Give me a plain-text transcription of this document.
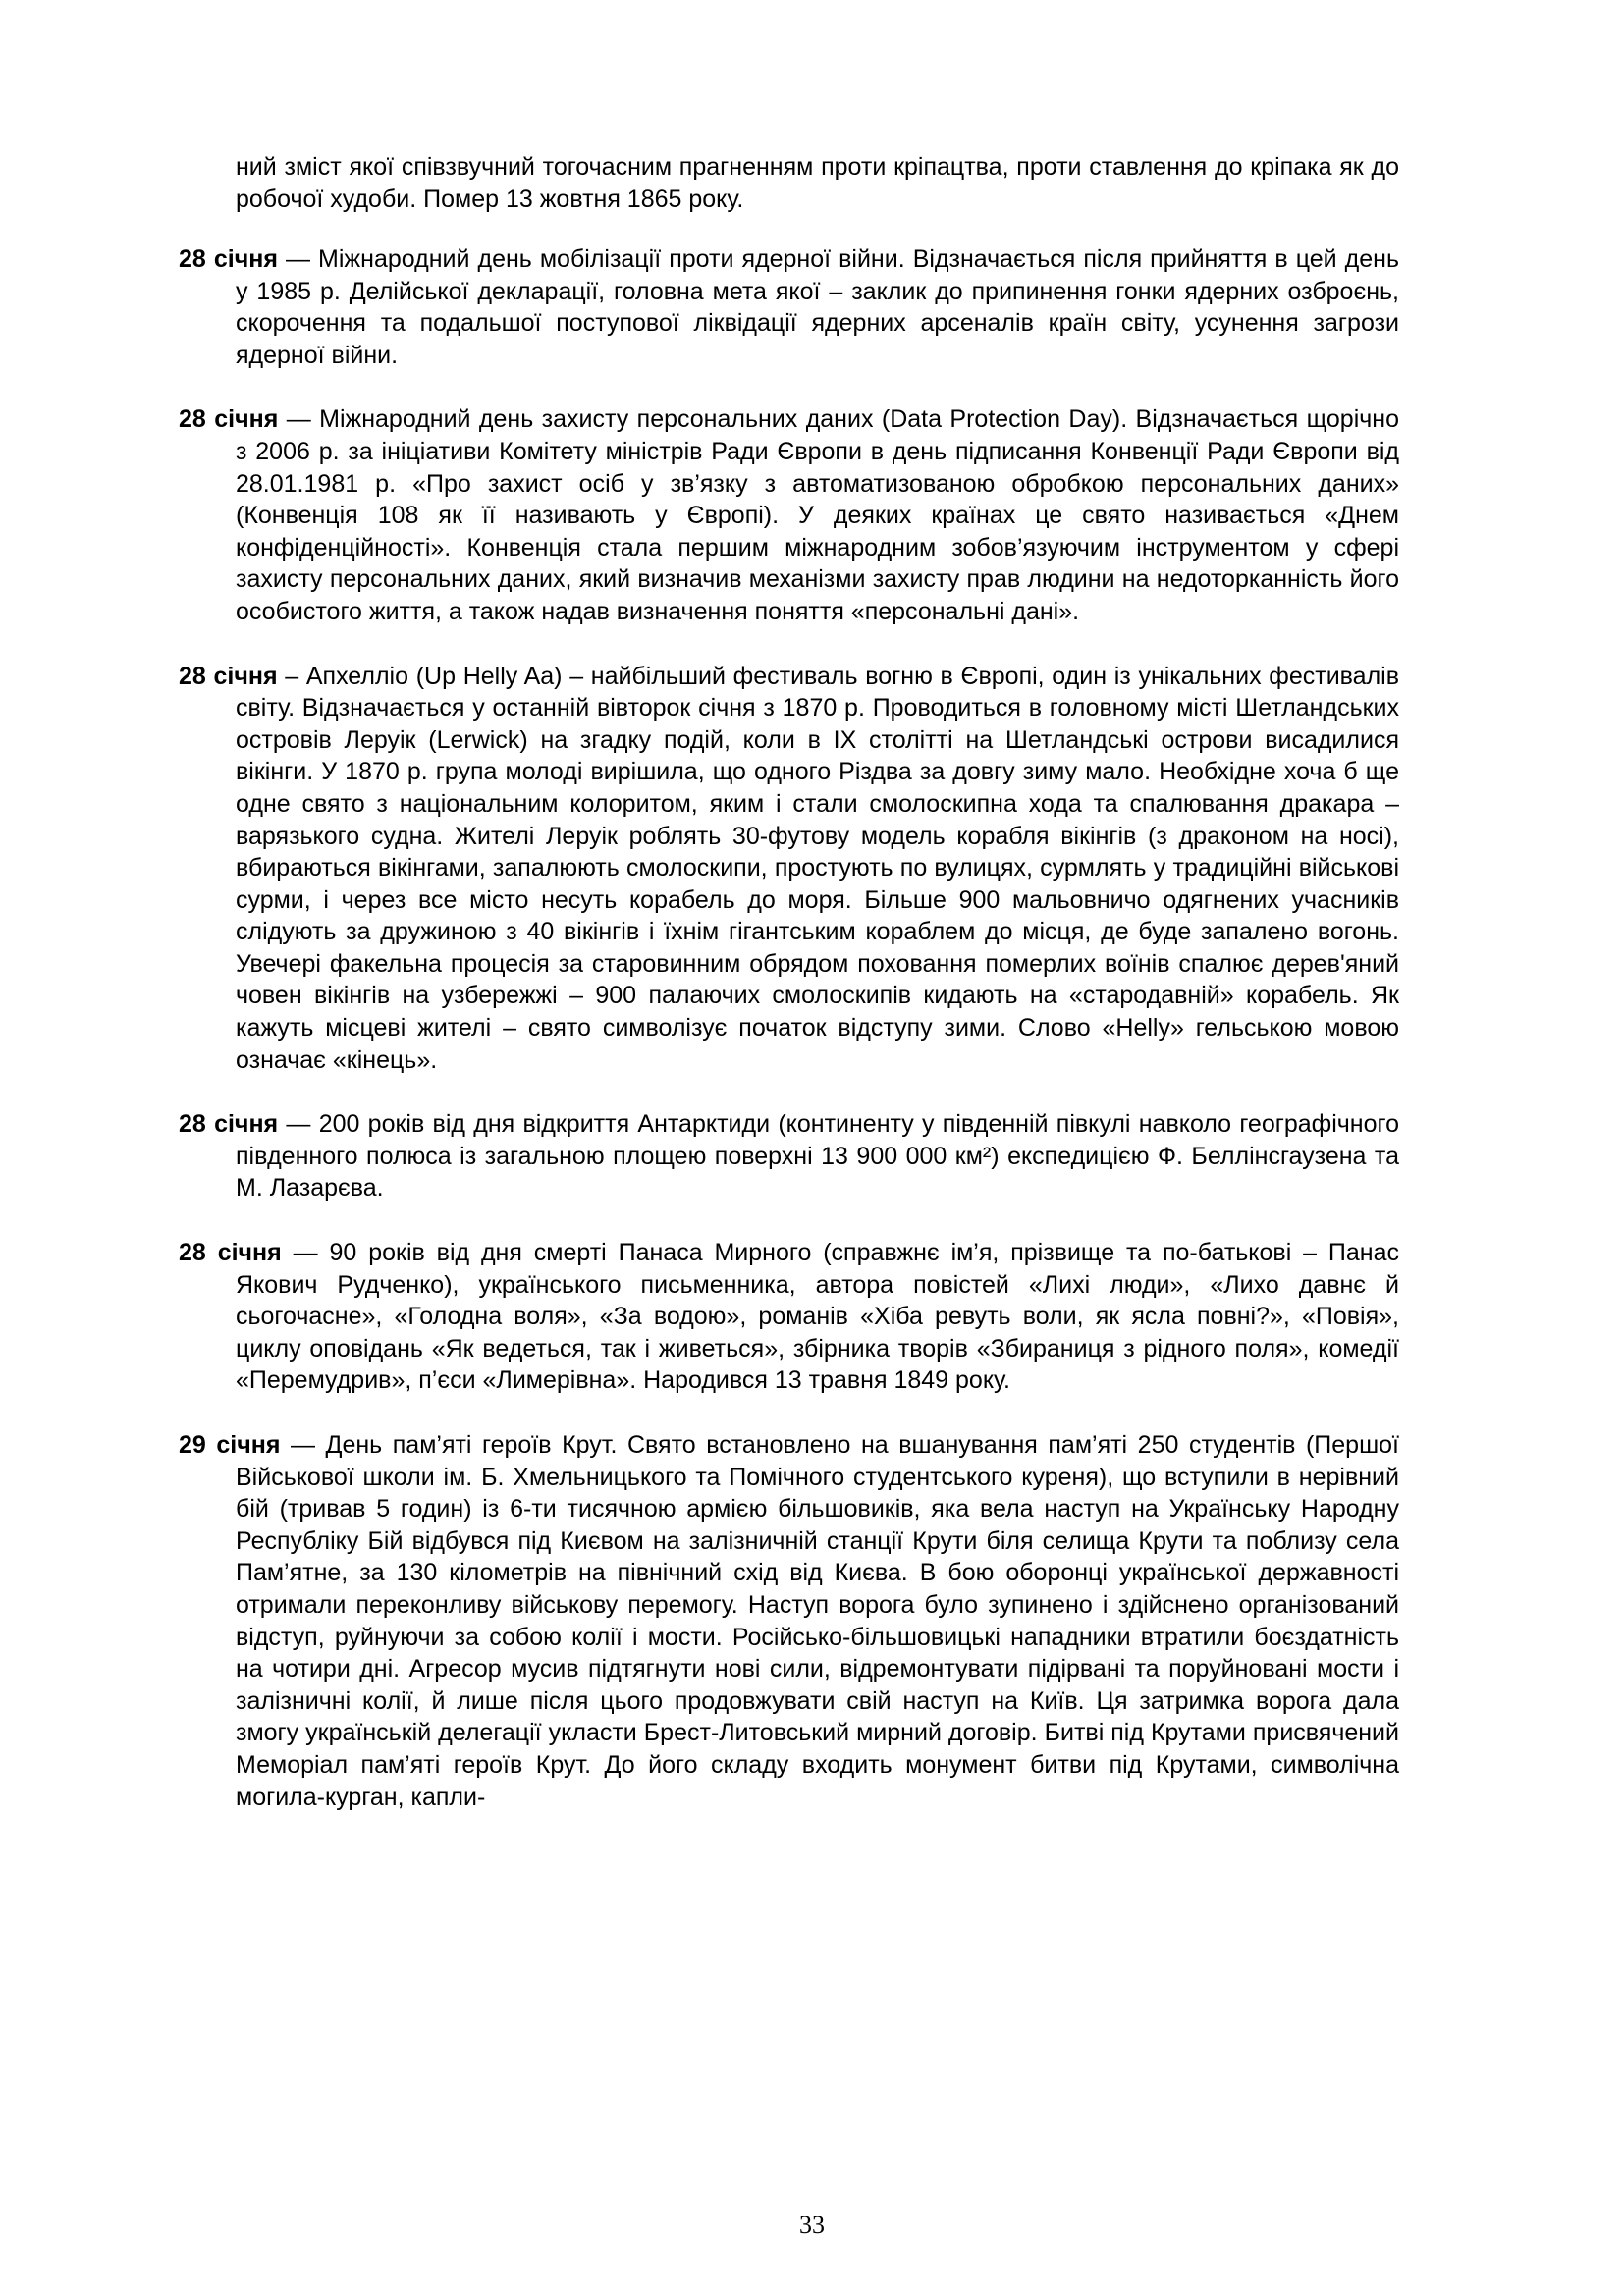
ний зміст якої співзвучний тогочасним прагненням проти кріпацтва, проти ставлення до кріпака як до робочої худоби. Помер 13 жовтня 1865 року.

28 січня — Міжнародний день мобілізації проти ядерної війни. Відзначається після прийняття в цей день у 1985 р. Делійської декларації, головна мета якої – заклик до припинення гонки ядерних озброєнь, скорочення та подальшої поступової ліквідації ядерних арсеналів країн світу, усунення загрози ядерної війни.

28 січня — Міжнародний день захисту персональних даних (Data Protection Day). Відзначається щорічно з 2006 р. за ініціативи Комітету міністрів Ради Європи в день підписання Конвенції Ради Європи від 28.01.1981 р. «Про захист осіб у зв’язку з автоматизованою обробкою персональних даних» (Конвенція 108 як її називають у Європі). У деяких країнах це свято називається «Днем конфіденційності». Конвенція стала першим міжнародним зобов’язуючим інструментом у сфері захисту персональних даних, який визначив механізми захисту прав людини на недоторканність його особистого життя, а також надав визначення поняття «персональні дані».

28 січня – Апхелліо (Up Helly Aa) – найбільший фестиваль вогню в Європі, один із унікальних фестивалів світу. Відзначається у останній вівторок січня з 1870 р. Проводиться в головному місті Шетландських островів Леруік (Lerwick) на згадку подій, коли в IX столітті на Шетландські острови висадилися вікінги. У 1870 р. група молоді вирішила, що одного Різдва за довгу зиму мало. Необхідне хоча б ще одне свято з національним колоритом, яким і стали смолоскипна хода та спалювання дракара – варязького судна. Жителі Леруік роблять 30-футову модель корабля вікінгів (з драконом на носі), вбираються вікінгами, запалюють смолоскипи, простують по вулицях, сурмлять у традиційні військові сурми, і через все місто несуть корабель до моря. Більше 900 мальовничо одягнених учасників слідують за дружиною з 40 вікінгів і їхнім гігантським кораблем до місця, де буде запалено вогонь. Увечері факельна процесія за старовинним обрядом поховання померлих воїнів спалює дерев'яний човен вікінгів на узбережжі – 900 палаючих смолоскипів кидають на «стародавній» корабель. Як кажуть місцеві жителі – свято символізує початок відступу зими. Слово «Helly» гельською мовою означає «кінець».

28 січня — 200 років від дня відкриття Антарктиди (континенту у південній півкулі навколо географічного південного полюса із загальною площею поверхні 13 900 000 км²) експедицією Ф. Беллінсгаузена та М. Лазарєва.

28 січня — 90 років від дня смерті Панаса Мирного (справжнє ім’я, прізвище та по-батькові – Панас Якович Рудченко), українського письменника, автора повістей «Лихі люди», «Лихо давнє й сьогочасне», «Голодна воля», «За водою», романів «Хіба ревуть воли, як ясла повні?», «Повія», циклу оповідань «Як ведеться, так і живеться», збірника творів «Збираниця з рідного поля», комедії «Перемудрив», п’єси «Лимерівна». Народився 13 травня 1849 року.

29 січня — День пам’яті героїв Крут. Свято встановлено на вшанування пам’яті 250 студентів (Першої Військової школи ім. Б. Хмельницького та Помічного студентського куреня), що вступили в нерівний бій (тривав 5 годин) із 6-ти тисячною армією більшовиків, яка вела наступ на Українську Народну Республіку Бій відбувся під Києвом на залізничній станції Крути біля селища Крути та поблизу села Пам’ятне, за 130 кілометрів на північний схід від Києва. В бою оборонці української державності отримали переконливу військову перемогу. Наступ ворога було зупинено і здійснено організований відступ, руйнуючи за собою колії і мости. Російсько-більшовицькі нападники втратили боєздатність на чотири дні. Агресор мусив підтягнути нові сили, відремонтувати підірвані та поруйновані мости і залізничні колії, й лише після цього продовжувати свій наступ на Київ. Ця затримка ворога дала змогу українській делегації укласти Брест-Литовський мирний договір. Битві під Крутами присвячений Меморіал пам’яті героїв Крут. До його складу входить монумент битви під Крутами, символічна могила-курган, капли-

33
